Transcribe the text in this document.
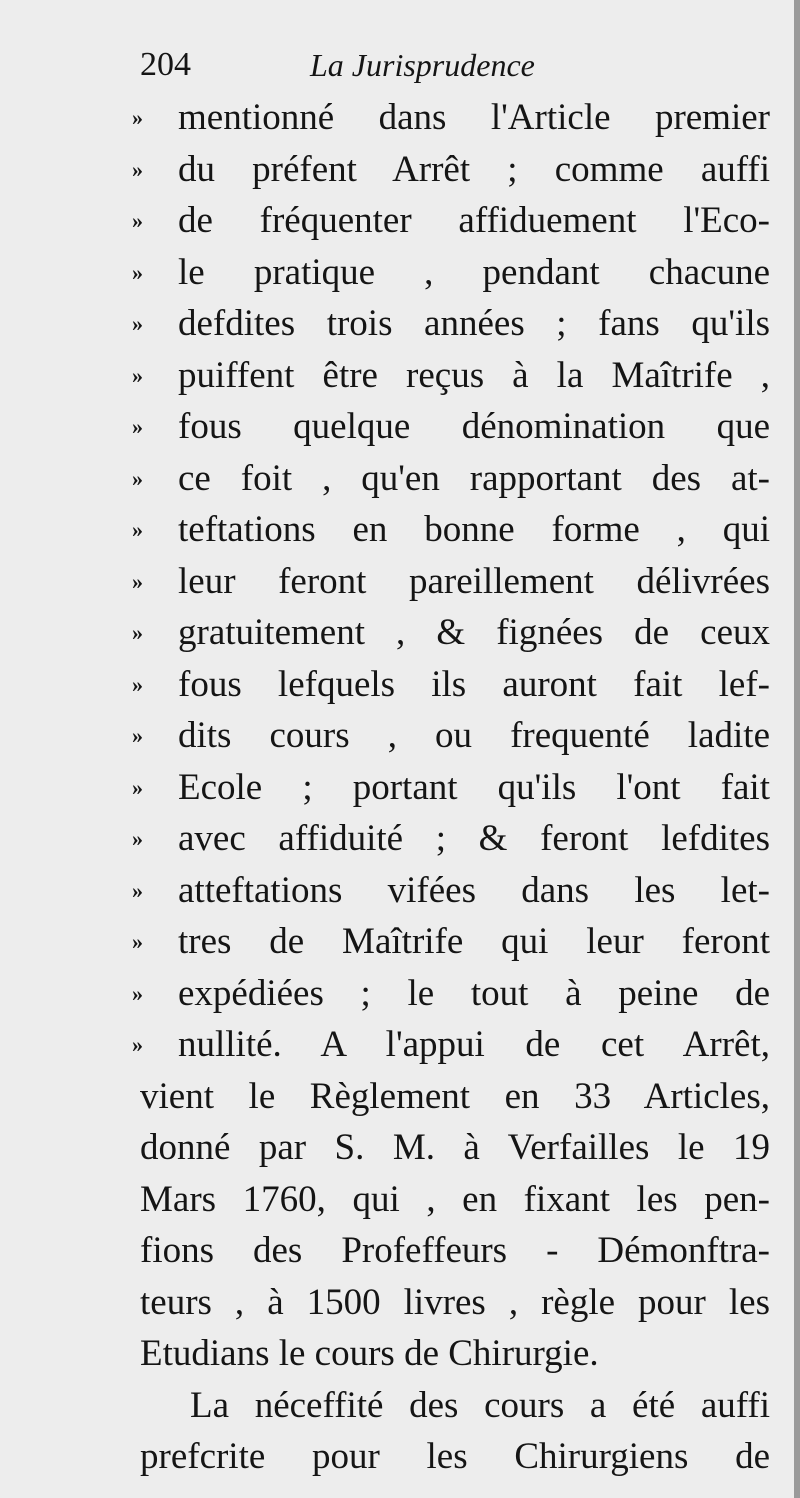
204	La Jurisprudence
» mentionné dans l'Article premier
» du préfent Arrêt ; comme auffi
» de fréquenter affiduement l'Eco-
» le pratique , pendant chacune
» defdites trois années ; fans qu'ils
» puiffent être reçus à la Maîtrife ,
» fous quelque dénomination que
» ce foit , qu'en rapportant des at-
» teftations en bonne forme , qui
» leur feront pareillement délivrées
» gratuitement , & fignées de ceux
» fous lefquels ils auront fait lef-
» dits cours , ou frequenté ladite
» Ecole ; portant qu'ils l'ont fait
» avec affiduité ; & feront lefdites
» atteftations vifées dans les let-
» tres de Maîtrife qui leur feront
» expédiées ; le tout à peine de
» nullité. A l'appui de cet Arrêt,
vient le Règlement en 33 Articles,
donné par S. M. à Verfailles le 19
Mars 1760, qui , en fixant les pen-
fions des Profeffeurs - Démonftra-
teurs , à 1500 livres , règle pour les
Etudians le cours de Chirurgie.
La néceffité des cours a été auffi
prefcrite pour les Chirurgiens de
